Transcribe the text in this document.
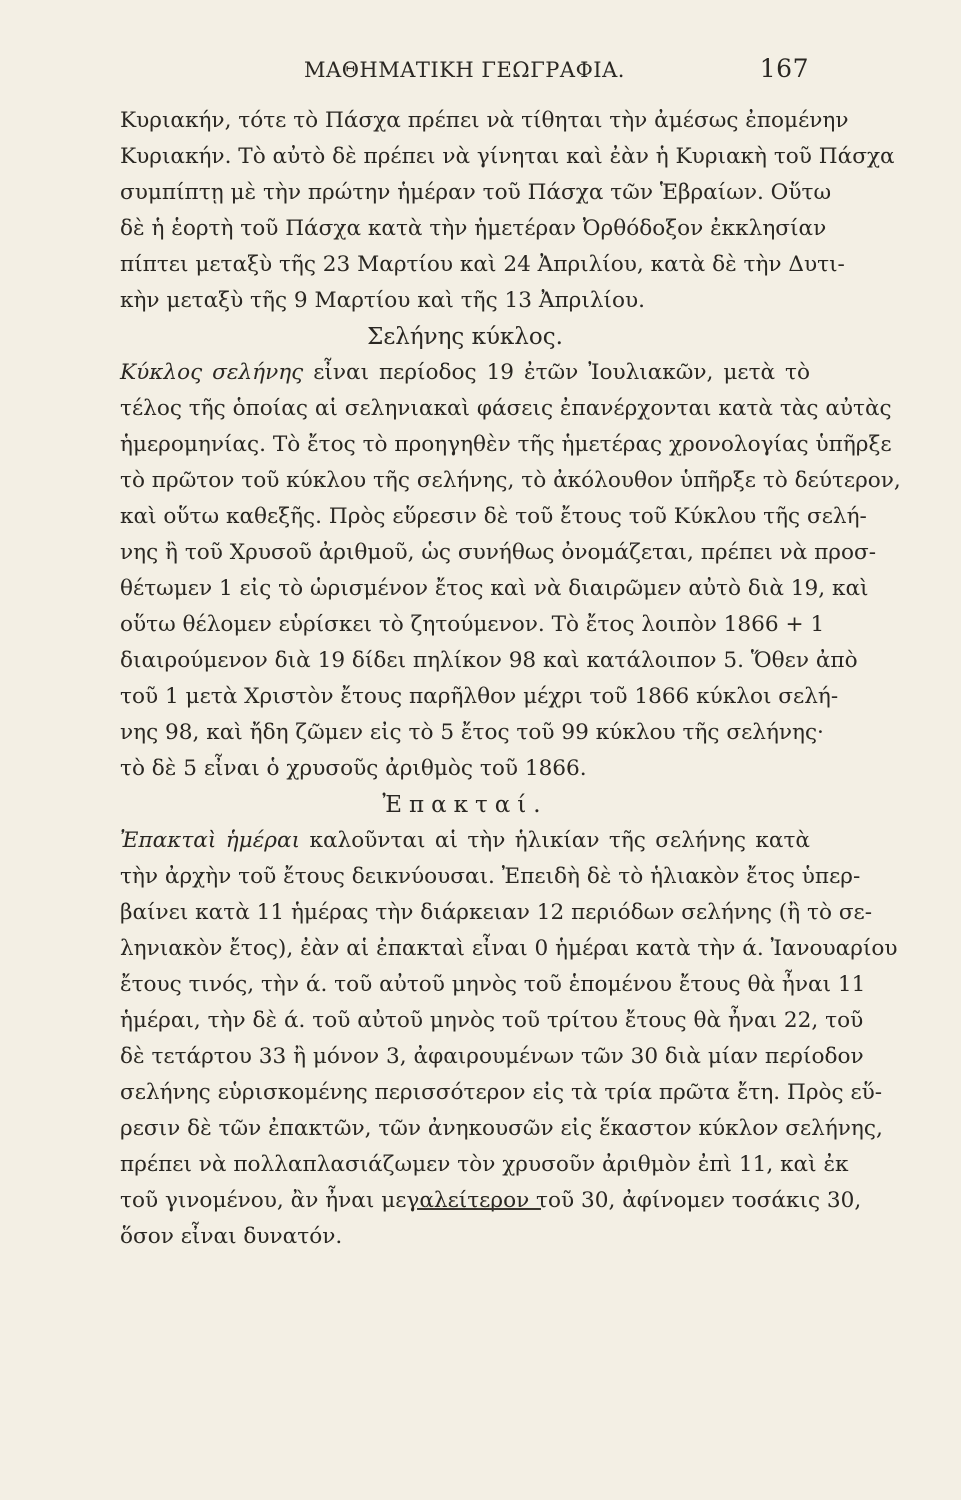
ΜΑΘΗΜΑΤΙΚΗ ΓΕΩΓΡΑΦΙΑ.	167
Κυριακήν, τότε τὸ Πάσχα πρέπει νὰ τίθηται τὴν ἀμέσως ἐπομένην
Κυριακήν. Τὸ αὐτὸ δὲ πρέπει νὰ γίνηται καὶ ἐὰν ἡ Κυριακὴ τοῦ Πάσχα
συμπίπτῃ μὲ τὴν πρώτην ἡμέραν τοῦ Πάσχα τῶν Ἑβραίων. Οὕτω
δὲ ἡ ἑορτὴ τοῦ Πάσχα κατὰ τὴν ἡμετέραν Ὀρθόδοξον ἐκκλησίαν
πίπτει μεταξὺ τῆς 23 Μαρτίου καὶ 24 Ἀπριλίου, κατὰ δὲ τὴν Δυτι-
κὴν μεταξὺ τῆς 9 Μαρτίου καὶ τῆς 13 Ἀπριλίου.
Σελήνης κύκλος.
Κύκλος σελήνης εἶναι περίοδος 19 ἐτῶν Ἰουλιακῶν, μετὰ τὸ
τέλος τῆς ὁποίας αἱ σεληνιακαὶ φάσεις ἐπανέρχονται κατὰ τὰς αὐτὰς
ἡμερομηνίας. Τὸ ἔτος τὸ προηγηθὲν τῆς ἡμετέρας χρονολογίας ὑπῆρξε
τὸ πρῶτον τοῦ κύκλου τῆς σελήνης, τὸ ἀκόλουθον ὑπῆρξε τὸ δεύτερον,
καὶ οὕτω καθεξῆς. Πρὸς εὕρεσιν δὲ τοῦ ἔτους τοῦ Κύκλου τῆς σελή-
νης ἢ τοῦ Χρυσοῦ ἀριθμοῦ, ὡς συνήθως ὀνομάζεται, πρέπει νὰ προσ-
θέτωμεν 1 εἰς τὸ ὡρισμένον ἔτος καὶ νὰ διαιρῶμεν αὐτὸ διὰ 19, καὶ
οὕτω θέλομεν εὑρίσκει τὸ ζητούμενον. Τὸ ἔτος λοιπὸν 1866 + 1
διαιρούμενον διὰ 19 δίδει πηλίκον 98 καὶ κατάλοιπον 5. Ὅθεν ἀπὸ
τοῦ 1 μετὰ Χριστὸν ἔτους παρῆλθον μέχρι τοῦ 1866 κύκλοι σελή-
νης 98, καὶ ἤδη ζῶμεν εἰς τὸ 5 ἔτος τοῦ 99 κύκλου τῆς σελήνης·
τὸ δὲ 5 εἶναι ὁ χρυσοῦς ἀριθμὸς τοῦ 1866.
Ἐπακταί.
Ἐπακταὶ ἡμέραι καλοῦνται αἱ τὴν ἡλικίαν τῆς σελήνης κατὰ
τὴν ἀρχὴν τοῦ ἔτους δεικνύουσαι. Ἐπειδὴ δὲ τὸ ἡλιακὸν ἔτος ὑπερ-
βαίνει κατὰ 11 ἡμέρας τὴν διάρκειαν 12 περιόδων σελήνης (ἢ τὸ σε-
ληνιακὸν ἔτος), ἐὰν αἱ ἐπακταὶ εἶναι 0 ἡμέραι κατὰ τὴν ά. Ἰανουαρίου
ἔτους τινός, τὴν ά. τοῦ αὐτοῦ μηνὸς τοῦ ἑπομένου ἔτους θὰ ἦναι 11
ἡμέραι, τὴν δὲ ά. τοῦ αὐτοῦ μηνὸς τοῦ τρίτου ἔτους θὰ ἦναι 22, τοῦ
δὲ τετάρτου 33 ἢ μόνον 3, ἀφαιρουμένων τῶν 30 διὰ μίαν περίοδον
σελήνης εὑρισκομένης περισσότερον εἰς τὰ τρία πρῶτα ἔτη. Πρὸς εὕ-
ρεσιν δὲ τῶν ἐπακτῶν, τῶν ἀνηκουσῶν εἰς ἕκαστον κύκλον σελήνης,
πρέπει νὰ πολλαπλασιάζωμεν τὸν χρυσοῦν ἀριθμὸν ἐπὶ 11, καὶ ἐκ
τοῦ γινομένου, ἂν ἦναι μεγαλείτερον τοῦ 30, ἀφίνομεν τοσάκις 30,
ὅσον εἶναι δυνατόν.
